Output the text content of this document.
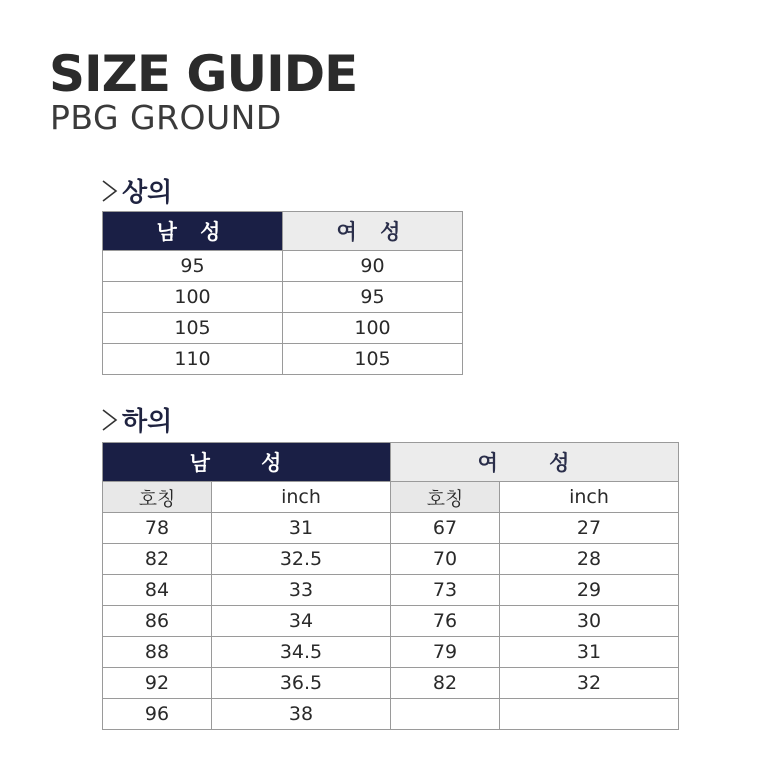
SIZE GUIDE
PBG GROUND
상의
남 성	여 성
95	90
100	95
105	100
110	105
하의
남 성		여 성	
호칭	inch	호칭	inch
78	31	67	27
82	32.5	70	28
84	33	73	29
86	34	76	30
88	34.5	79	31
92	36.5	82	32
96	38		
